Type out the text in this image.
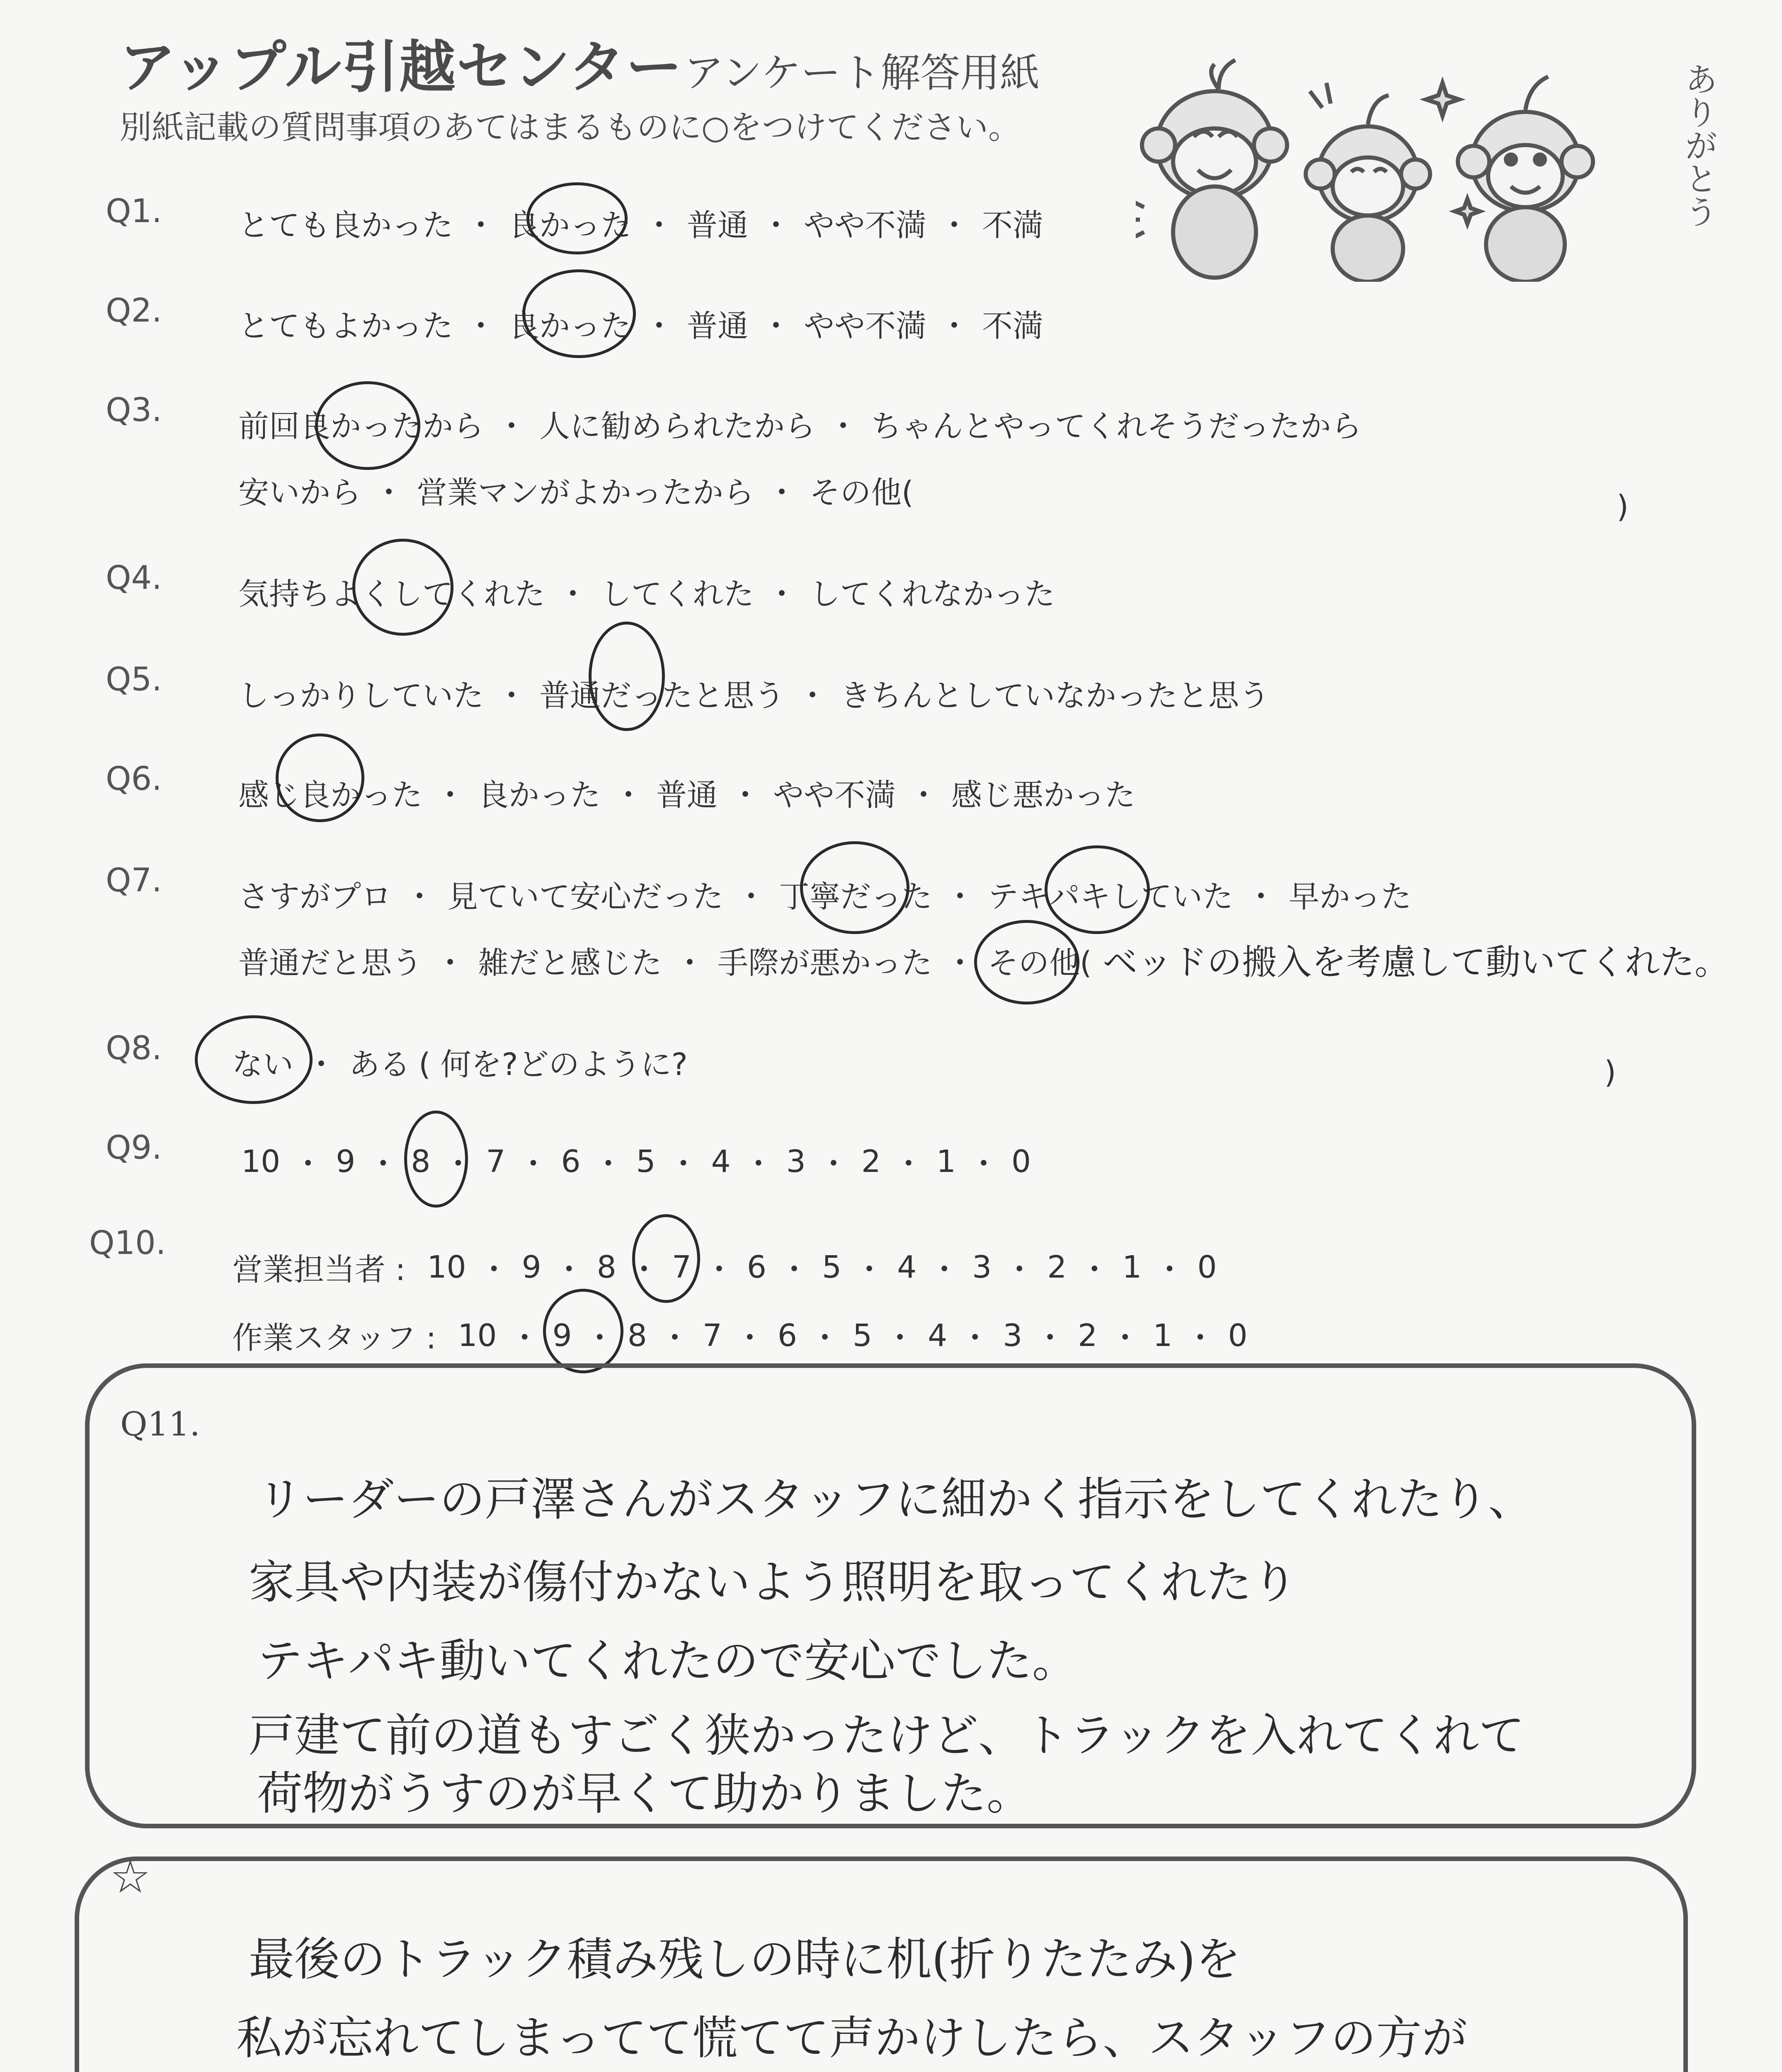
アップル引越センター アンケート解答用紙
別紙記載の質問事項のあてはまるものに○をつけてください。	ありがとう
Q1. とても良かった ・ 良かった ・ 普通 ・ やや不満 ・ 不満
Q2. とてもよかった ・ 良かった ・ 普通 ・ やや不満 ・ 不満
Q3. 前回良かったから ・ 人に勧められたから ・ ちゃんとやってくれそうだったから
安いから ・ 営業マンがよかったから ・ その他(	)
Q4. 気持ちよくしてくれた ・ してくれた ・ してくれなかった
Q5. しっかりしていた ・ 普通だったと思う ・ きちんとしていなかったと思う
Q6. 感じ良かった ・ 良かった ・ 普通 ・ やや不満 ・ 感じ悪かった
Q7. さすがプロ ・ 見ていて安心だった ・ 丁寧だった ・ テキパキしていた ・ 早かった
普通だと思う ・ 雑だと感じた ・ 手際が悪かった ・ その他( ベッドの搬入を考慮して動いてくれた。
Q8. ない ・ ある ( 何を?どのように?	)
Q9.	10 ・ 9 ・ 8 ・ 7 ・ 6 ・ 5 ・ 4 ・ 3 ・ 2 ・ 1 ・ 0
Q10.
営業担当者 : 10 ・ 9 ・ 8 ・ 7 ・ 6 ・ 5 ・ 4 ・ 3 ・ 2 ・ 1 ・ 0
作業スタッフ : 10 ・ 9 ・ 8 ・ 7 ・ 6 ・ 5 ・ 4 ・ 3 ・ 2 ・ 1 ・ 0
Q11.
リーダーの戸澤さんがスタッフに細かく指示をしてくれたり、
家具や内装が傷付かないよう照明を取ってくれたり
テキパキ動いてくれたので安心でした。
戸建て前の道もすごく狭かったけど、トラックを入れてくれて
荷物がうすのが早くて助かりました。
☆
最後のトラック積み残しの時に机(折りたたみ)を
私が忘れてしまってて慌てて声かけしたら、スタッフの方が
